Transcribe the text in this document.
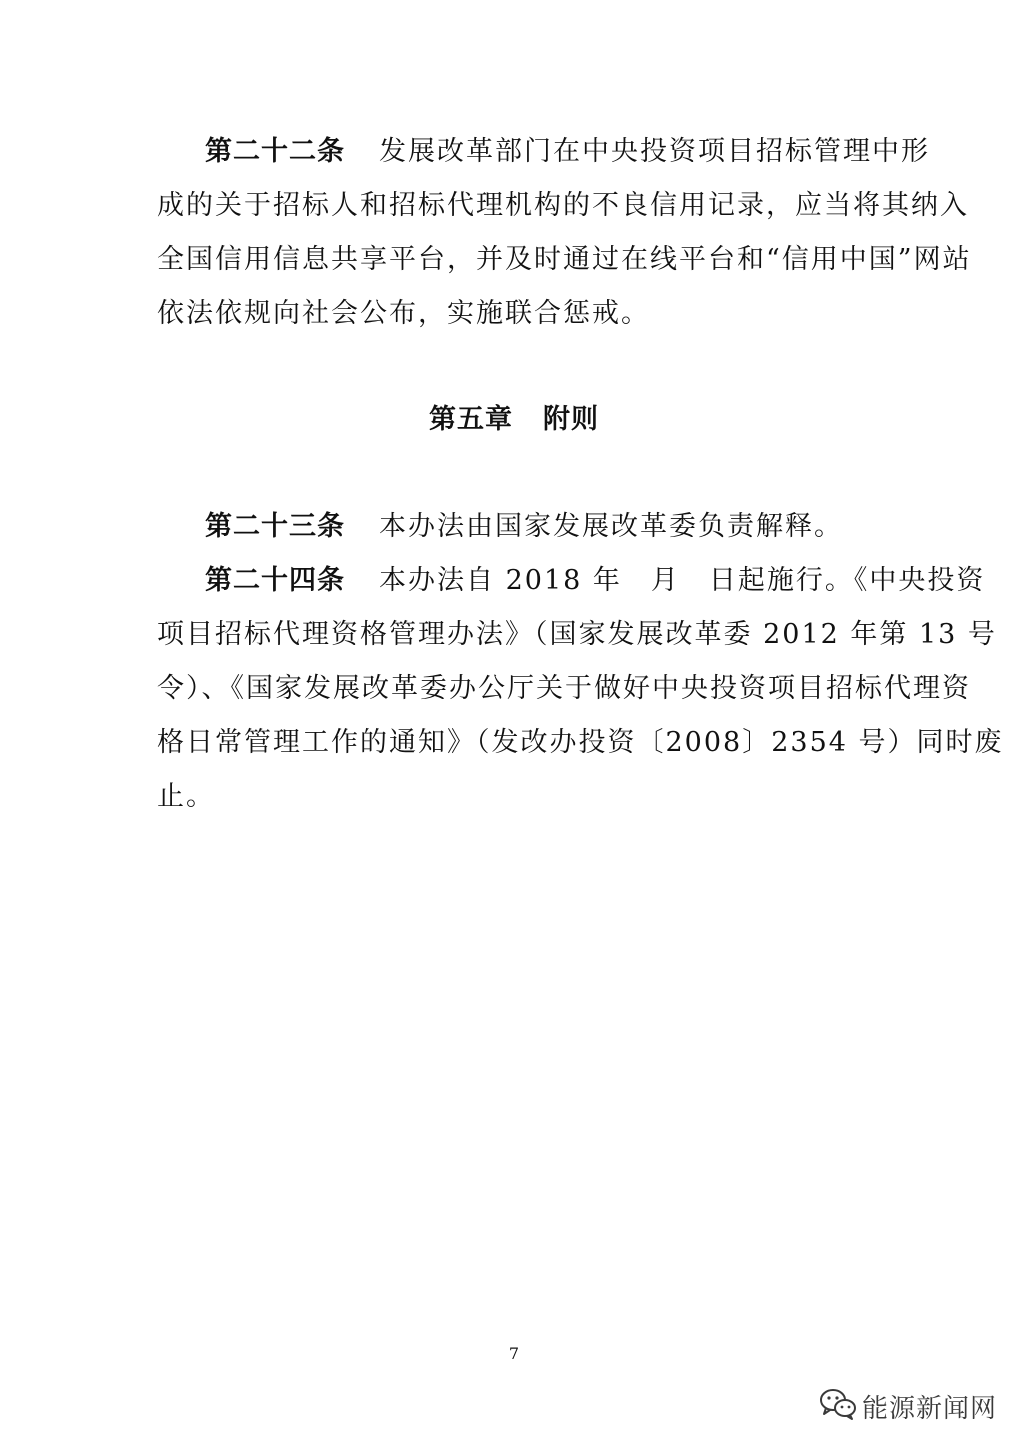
第二十二条 发展改革部门在中央投资项目招标管理中形
成的关于招标人和招标代理机构的不良信用记录，应当将其纳入
全国信用信息共享平台，并及时通过在线平台和“信用中国”网站
依法依规向社会公布，实施联合惩戒。
第五章 附则
第二十三条 本办法由国家发展改革委负责解释。
第二十四条 本办法自 2018 年　月　日起施行。《中央投资
项目招标代理资格管理办法》（国家发展改革委 2012 年第 13 号
令）、《国家发展改革委办公厅关于做好中央投资项目招标代理资
格日常管理工作的通知》（发改办投资〔2008〕2354 号）同时废
止。
7
能源新闻网
